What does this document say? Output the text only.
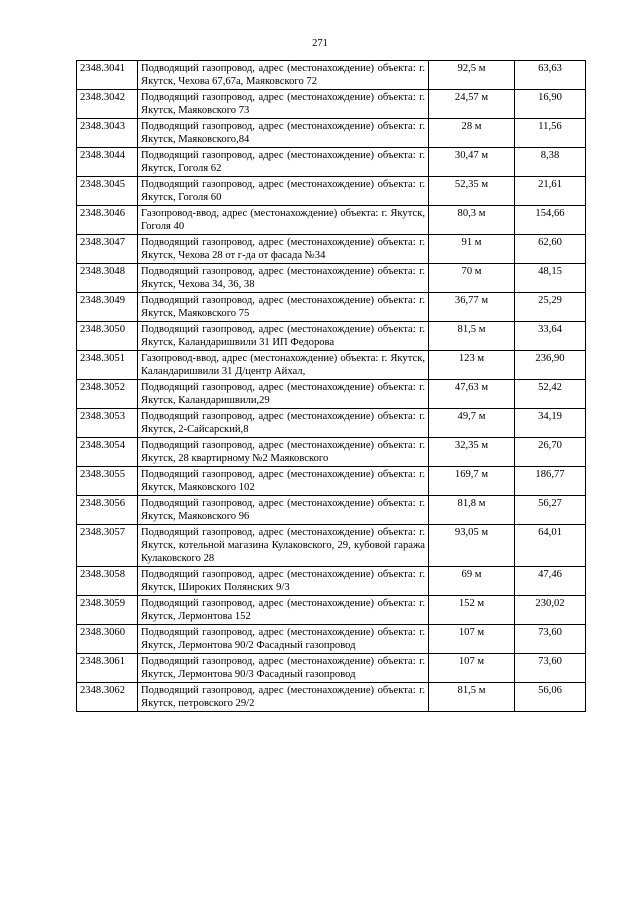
271
2348.3041	Подводящий газопровод, адрес (местонахождение) объекта: г. Якутск, Чехова 67,67а, Маяковского 72	92,5 м	63,63
2348.3042	Подводящий газопровод, адрес (местонахождение) объекта: г. Якутск, Маяковского 73	24,57 м	16,90
2348.3043	Подводящий газопровод, адрес (местонахождение) объекта: г. Якутск, Маяковского,84	28 м	11,56
2348.3044	Подводящий газопровод, адрес (местонахождение) объекта: г. Якутск, Гоголя 62	30,47 м	8,38
2348.3045	Подводящий газопровод, адрес (местонахождение) объекта: г. Якутск, Гоголя 60	52,35 м	21,61
2348.3046	Газопровод-ввод, адрес (местонахождение) объекта: г. Якутск, Гоголя 40	80,3 м	154,66
2348.3047	Подводящий газопровод, адрес (местонахождение) объекта: г. Якутск, Чехова 28 от г-да от фасада №34	91 м	62,60
2348.3048	Подводящий газопровод, адрес (местонахождение) объекта: г. Якутск, Чехова 34, 36, 38	70 м	48,15
2348.3049	Подводящий газопровод, адрес (местонахождение) объекта: г. Якутск, Маяковского 75	36,77 м	25,29
2348.3050	Подводящий газопровод, адрес (местонахождение) объекта: г. Якутск, Каландаришвили 31 ИП Федорова	81,5 м	33,64
2348.3051	Газопровод-ввод, адрес (местонахождение) объекта: г. Якутск, Каландаришвили 31 Д/центр Айхал,	123 м	236,90
2348.3052	Подводящий газопровод, адрес (местонахождение) объекта: г. Якутск, Каландаришвили,29	47,63 м	52,42
2348.3053	Подводящий газопровод, адрес (местонахождение) объекта: г. Якутск, 2-Сайсарский,8	49,7 м	34,19
2348.3054	Подводящий газопровод, адрес (местонахождение) объекта: г. Якутск, 28 квартирному №2 Маяковского	32,35 м	26,70
2348.3055	Подводящий газопровод, адрес (местонахождение) объекта: г. Якутск, Маяковского 102	169,7 м	186,77
2348.3056	Подводящий газопровод, адрес (местонахождение) объекта: г. Якутск, Маяковского 96	81,8 м	56,27
2348.3057	Подводящий газопровод, адрес (местонахождение) объекта: г. Якутск, котельной магазина Кулаковского, 29, кубовой гаража Кулаковского 28	93,05 м	64,01
2348.3058	Подводящий газопровод, адрес (местонахождение) объекта: г. Якутск, Широких Полянских 9/3	69 м	47,46
2348.3059	Подводящий газопровод, адрес (местонахождение) объекта: г. Якутск, Лермонтова 152	152 м	230,02
2348.3060	Подводящий газопровод, адрес (местонахождение) объекта: г. Якутск, Лермонтова 90/2 Фасадный газопровод	107 м	73,60
2348.3061	Подводящий газопровод, адрес (местонахождение) объекта: г. Якутск, Лермонтова 90/3 Фасадный газопровод	107 м	73,60
2348.3062	Подводящий газопровод, адрес (местонахождение) объекта: г. Якутск, петровского 29/2	81,5 м	56,06
